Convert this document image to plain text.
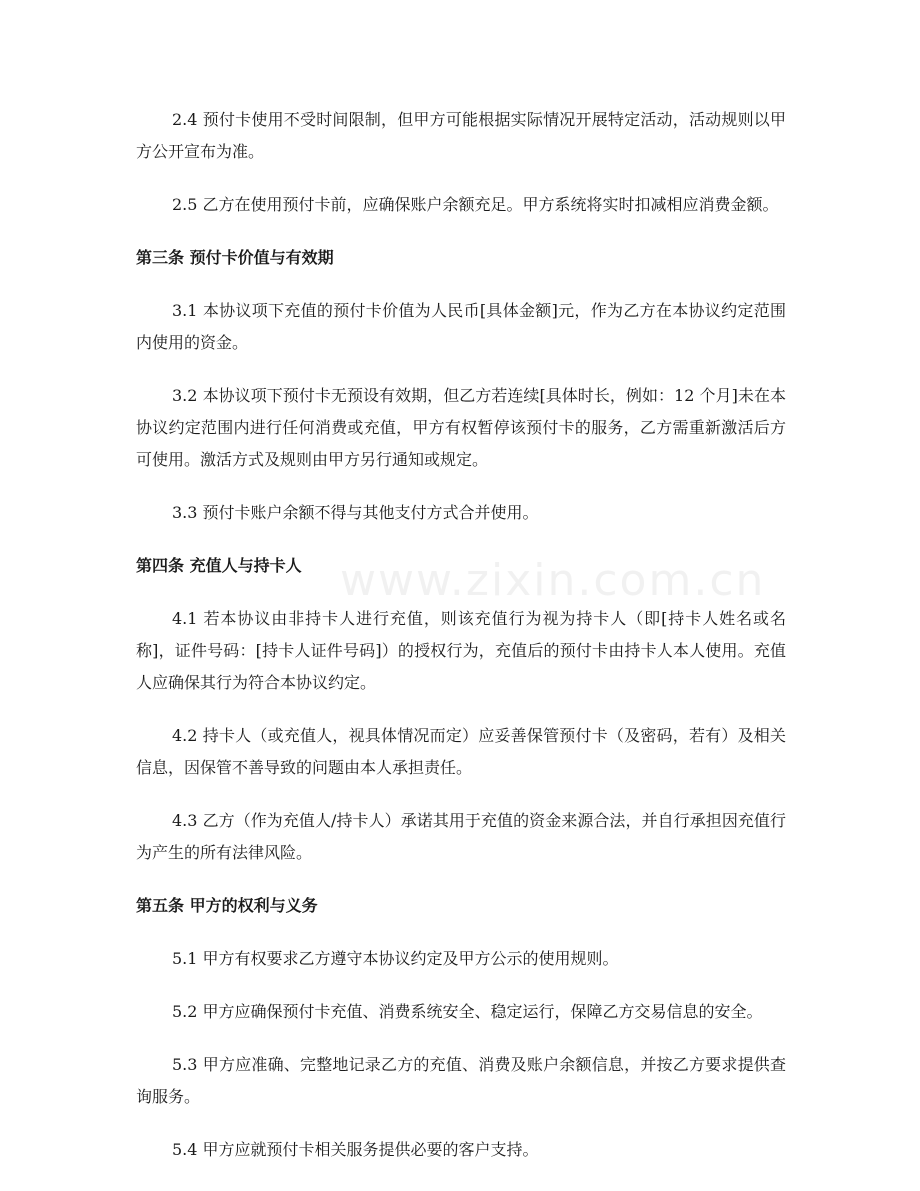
www.zixin.com.cn

2.4 预付卡使用不受时间限制，但甲方可能根据实际情况开展特定活动，活动规则以甲方公开宣布为准。

2.5 乙方在使用预付卡前，应确保账户余额充足。甲方系统将实时扣减相应消费金额。

第三条 预付卡价值与有效期

3.1 本协议项下充值的预付卡价值为人民币[具体金额]元，作为乙方在本协议约定范围内使用的资金。

3.2 本协议项下预付卡无预设有效期，但乙方若连续[具体时长，例如：12 个月]未在本协议约定范围内进行任何消费或充值，甲方有权暂停该预付卡的服务，乙方需重新激活后方可使用。激活方式及规则由甲方另行通知或规定。

3.3 预付卡账户余额不得与其他支付方式合并使用。

第四条 充值人与持卡人

4.1 若本协议由非持卡人进行充值，则该充值行为视为持卡人（即[持卡人姓名或名称]，证件号码：[持卡人证件号码]）的授权行为，充值后的预付卡由持卡人本人使用。充值人应确保其行为符合本协议约定。

4.2 持卡人（或充值人，视具体情况而定）应妥善保管预付卡（及密码，若有）及相关信息，因保管不善导致的问题由本人承担责任。

4.3 乙方（作为充值人/持卡人）承诺其用于充值的资金来源合法，并自行承担因充值行为产生的所有法律风险。

第五条 甲方的权利与义务

5.1 甲方有权要求乙方遵守本协议约定及甲方公示的使用规则。

5.2 甲方应确保预付卡充值、消费系统安全、稳定运行，保障乙方交易信息的安全。

5.3 甲方应准确、完整地记录乙方的充值、消费及账户余额信息，并按乙方要求提供查询服务。

5.4 甲方应就预付卡相关服务提供必要的客户支持。
